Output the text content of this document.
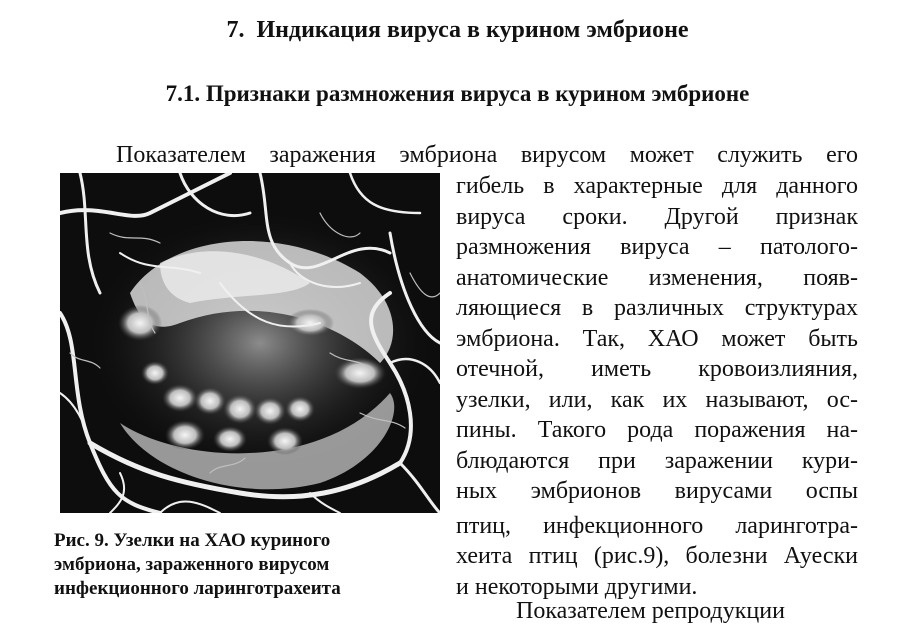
7.  Индикация вируса в курином эмбрионе
7.1. Признаки размножения вируса в курином эмбрионе
Показателем заражения эмбриона вирусом может служить его
Рис. 9. Узелки на ХАО куриного
эмбриона, зараженного вирусом
инфекционного ларинготрахеита
гибель в характерные для данного
вируса сроки. Другой признак
размножения вируса – патолого-
анатомические изменения, появ-
ляющиеся в различных структурах
эмбриона. Так, ХАО может быть
отечной, иметь кровоизлияния,
узелки, или, как их называют, ос-
пины. Такого рода поражения на-
блюдаются при заражении кури-
ных эмбрионов вирусами оспы
птиц, инфекционного ларинготра-
хеита птиц (рис.9), болезни Ауески
и некоторыми другими.
Показателем репродукции
